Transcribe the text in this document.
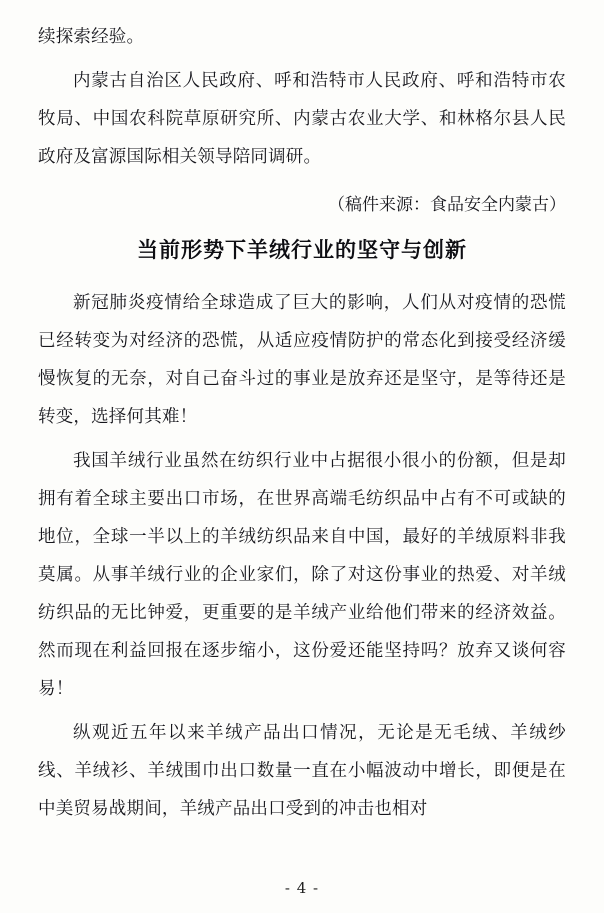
续探索经验。

内蒙古自治区人民政府、呼和浩特市人民政府、呼和浩特市农牧局、中国农科院草原研究所、内蒙古农业大学、和林格尔县人民政府及富源国际相关领导陪同调研。

（稿件来源：食品安全内蒙古）
当前形势下羊绒行业的坚守与创新

新冠肺炎疫情给全球造成了巨大的影响，人们从对疫情的恐慌已经转变为对经济的恐慌，从适应疫情防护的常态化到接受经济缓慢恢复的无奈，对自己奋斗过的事业是放弃还是坚守，是等待还是转变，选择何其难！

我国羊绒行业虽然在纺织行业中占据很小很小的份额，但是却拥有着全球主要出口市场，在世界高端毛纺织品中占有不可或缺的地位，全球一半以上的羊绒纺织品来自中国，最好的羊绒原料非我莫属。从事羊绒行业的企业家们，除了对这份事业的热爱、对羊绒纺织品的无比钟爱，更重要的是羊绒产业给他们带来的经济效益。然而现在利益回报在逐步缩小，这份爱还能坚持吗？放弃又谈何容易！

纵观近五年以来羊绒产品出口情况，无论是无毛绒、羊绒纱线、羊绒衫、羊绒围巾出口数量一直在小幅波动中增长，即便是在中美贸易战期间，羊绒产品出口受到的冲击也相对

- 4 -
